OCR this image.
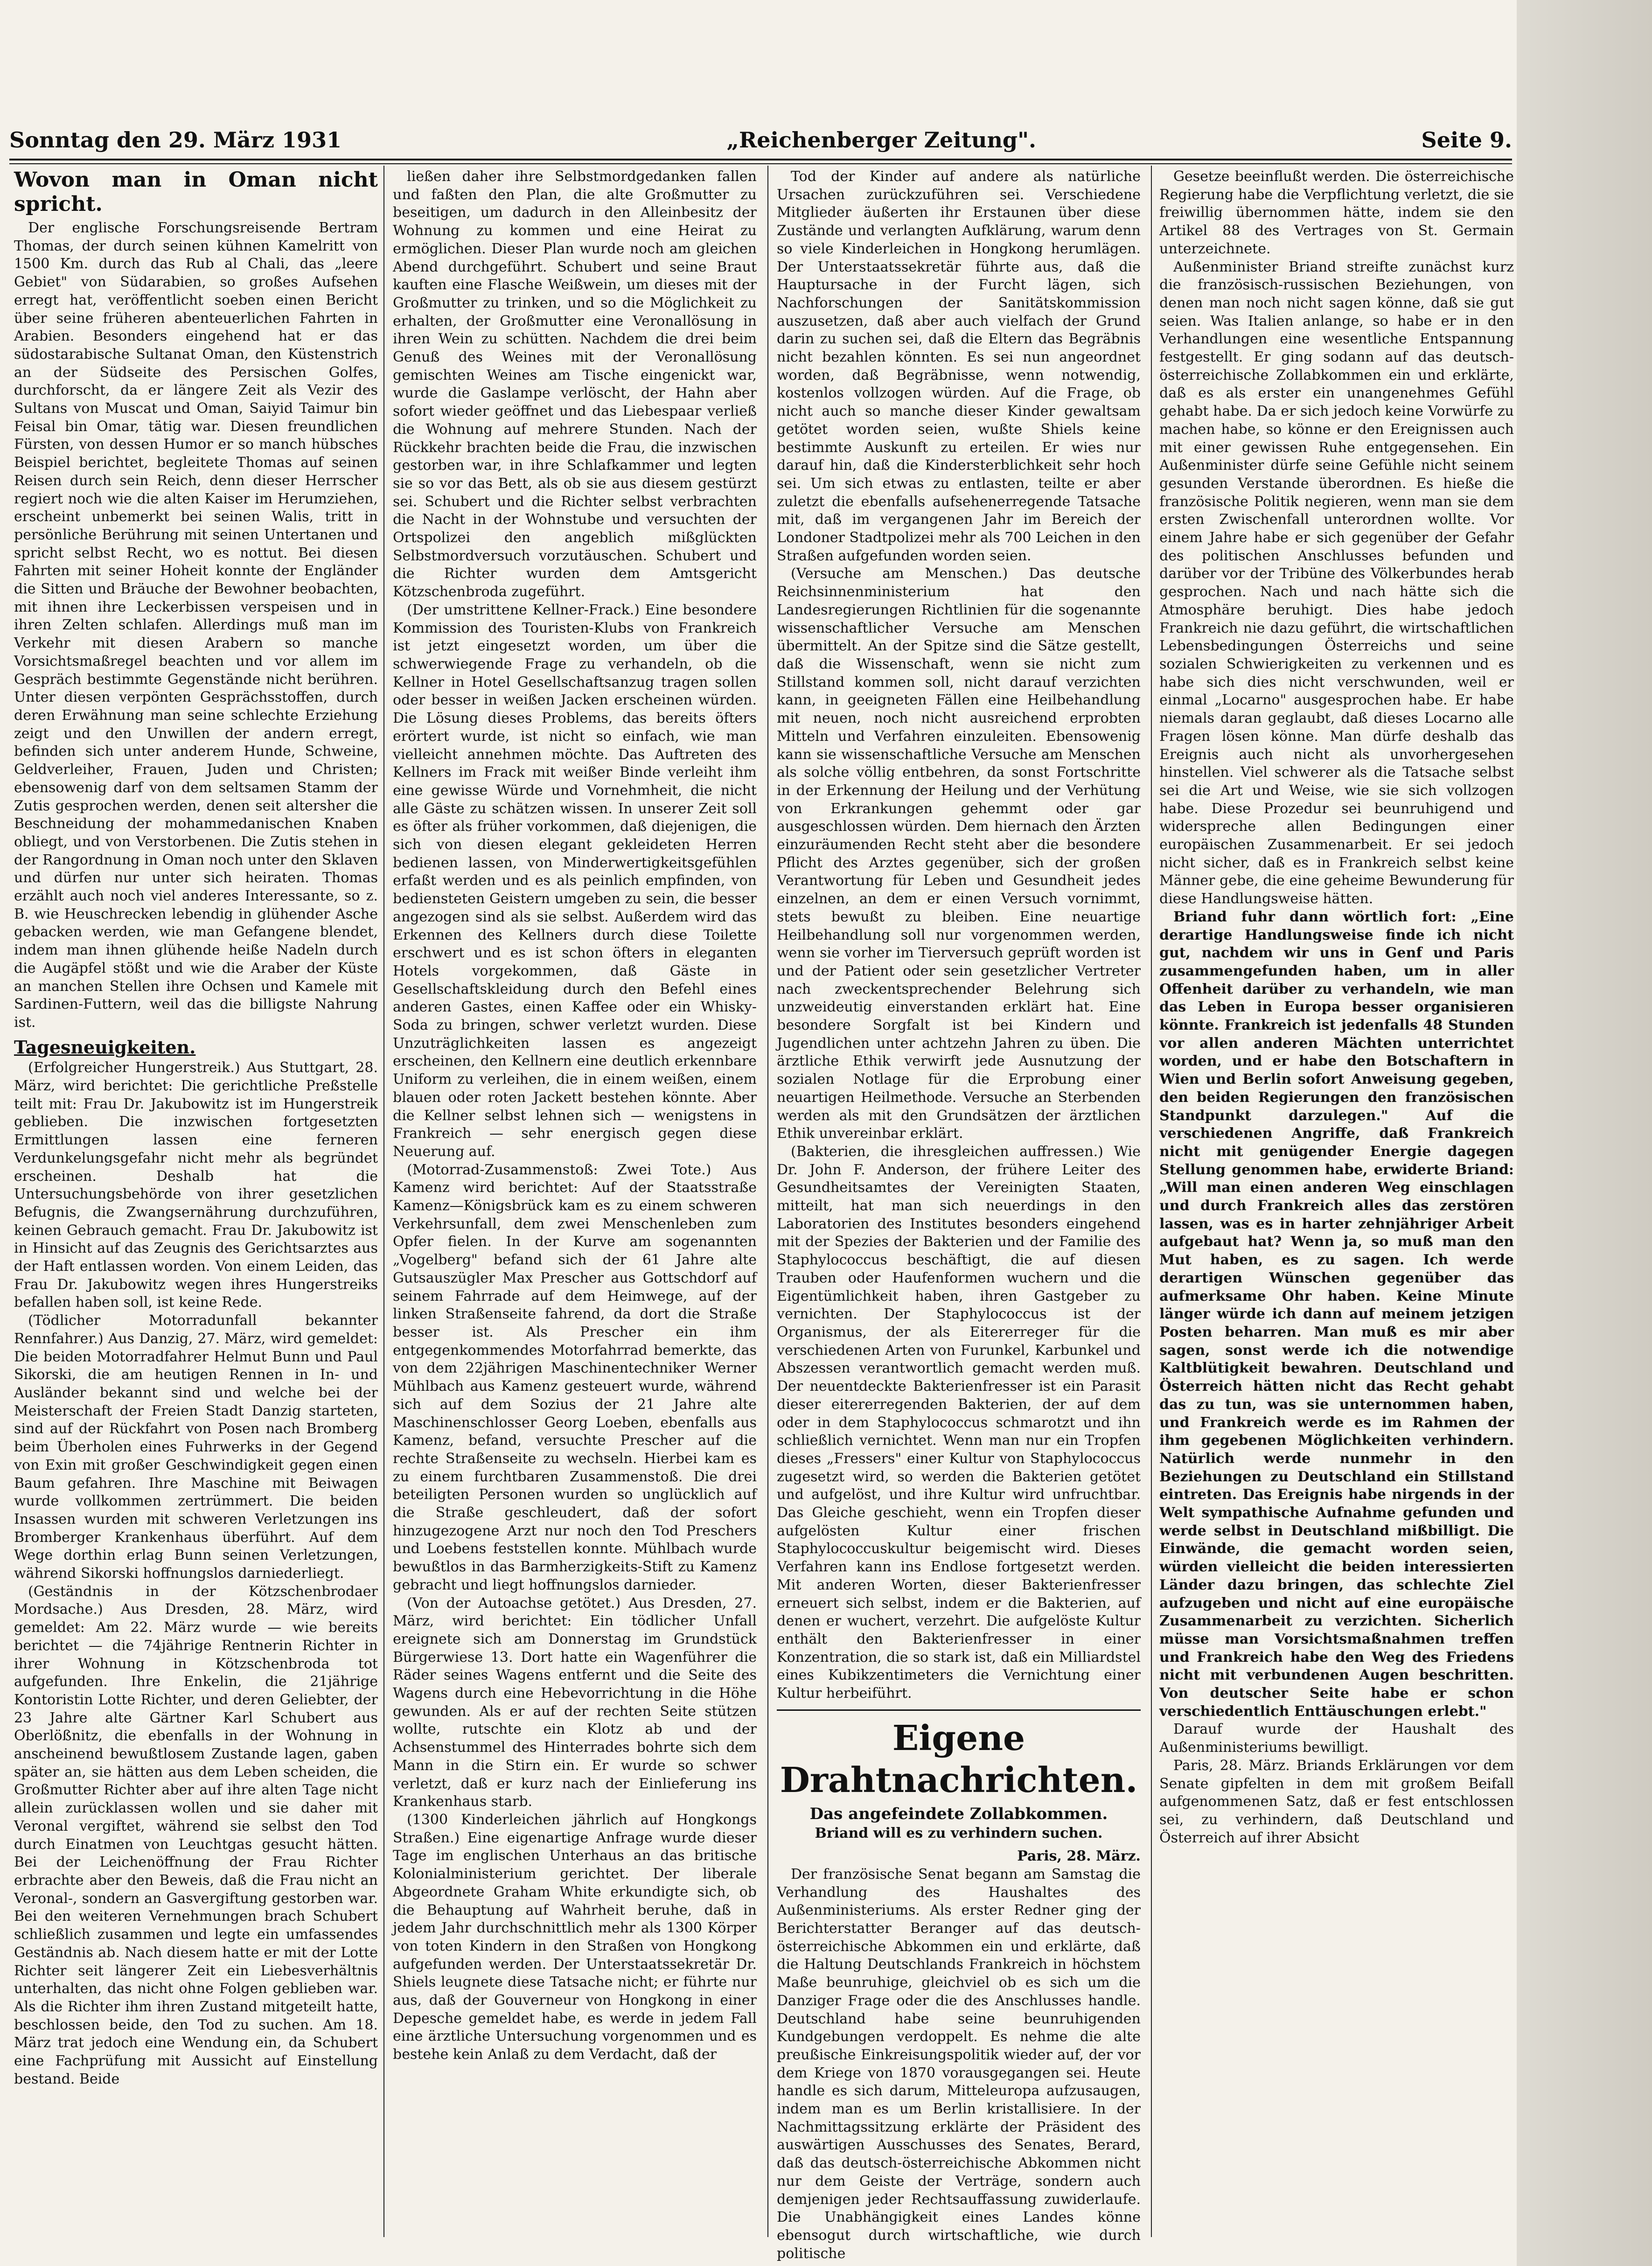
Sonntag den 29. März 1931	„Reichenberger Zeitung".	Seite 9.
Wovon man in Oman nicht spricht.

Der englische Forschungsreisende Bertram Thomas, der durch seinen kühnen Kamelritt von 1500 Km. durch das Rub al Chali, das „leere Gebiet" von Südarabien, so großes Aufsehen erregt hat, veröffentlicht soeben einen Bericht über seine früheren abenteuerlichen Fahrten in Arabien. Besonders eingehend hat er das südostarabische Sultanat Oman, den Küstenstrich an der Südseite des Persischen Golfes, durchforscht, da er längere Zeit als Vezir des Sultans von Muscat und Oman, Saiyid Taimur bin Feisal bin Omar, tätig war. Diesen freundlichen Fürsten, von dessen Humor er so manch hübsches Beispiel berichtet, begleitete Thomas auf seinen Reisen durch sein Reich, denn dieser Herrscher regiert noch wie die alten Kaiser im Herumziehen, erscheint unbemerkt bei seinen Walis, tritt in persönliche Berührung mit seinen Untertanen und spricht selbst Recht, wo es nottut. Bei diesen Fahrten mit seiner Hoheit konnte der Engländer die Sitten und Bräuche der Bewohner beobachten, mit ihnen ihre Leckerbissen verspeisen und in ihren Zelten schlafen. Allerdings muß man im Verkehr mit diesen Arabern so manche Vorsichtsmaßregel beachten und vor allem im Gespräch bestimmte Gegenstände nicht berühren. Unter diesen verpönten Gesprächsstoffen, durch deren Erwähnung man seine schlechte Erziehung zeigt und den Unwillen der andern erregt, befinden sich unter anderem Hunde, Schweine, Geldverleiher, Frauen, Juden und Christen; ebensowenig darf von dem seltsamen Stamm der Zutis gesprochen werden, denen seit altersher die Beschneidung der mohammedanischen Knaben obliegt, und von Verstorbenen. Die Zutis stehen in der Rangordnung in Oman noch unter den Sklaven und dürfen nur unter sich heiraten. Thomas erzählt auch noch viel anderes Interessante, so z. B. wie Heuschrecken lebendig in glühender Asche gebacken werden, wie man Gefangene blendet, indem man ihnen glühende heiße Nadeln durch die Augäpfel stößt und wie die Araber der Küste an manchen Stellen ihre Ochsen und Kamele mit Sardinen-Futtern, weil das die billigste Nahrung ist.

Tagesneuigkeiten.

(Erfolgreicher Hungerstreik.) Aus Stuttgart, 28. März, wird berichtet: Die gerichtliche Preßstelle teilt mit: Frau Dr. Jakubowitz ist im Hungerstreik geblieben. Die inzwischen fortgesetzten Ermittlungen lassen eine ferneren Verdunkelungsgefahr nicht mehr als begründet erscheinen. Deshalb hat die Untersuchungsbehörde von ihrer gesetzlichen Befugnis, die Zwangsernährung durchzuführen, keinen Gebrauch gemacht. Frau Dr. Jakubowitz ist in Hinsicht auf das Zeugnis des Gerichtsarztes aus der Haft entlassen worden. Von einem Leiden, das Frau Dr. Jakubowitz wegen ihres Hungerstreiks befallen haben soll, ist keine Rede.

(Tödlicher Motorradunfall bekannter Rennfahrer.) Aus Danzig, 27. März, wird gemeldet: Die beiden Motorradfahrer Helmut Bunn und Paul Sikorski, die am heutigen Rennen in In- und Ausländer bekannt sind und welche bei der Meisterschaft der Freien Stadt Danzig starteten, sind auf der Rückfahrt von Posen nach Bromberg beim Überholen eines Fuhrwerks in der Gegend von Exin mit großer Geschwindigkeit gegen einen Baum gefahren. Ihre Maschine mit Beiwagen wurde vollkommen zertrümmert. Die beiden Insassen wurden mit schweren Verletzungen ins Bromberger Krankenhaus überführt. Auf dem Wege dorthin erlag Bunn seinen Verletzungen, während Sikorski hoffnungslos darniederliegt.

(Geständnis in der Kötzschenbrodaer Mordsache.) Aus Dresden, 28. März, wird gemeldet: Am 22. März wurde — wie bereits berichtet — die 74jährige Rentnerin Richter in ihrer Wohnung in Kötzschenbroda tot aufgefunden. Ihre Enkelin, die 21jährige Kontoristin Lotte Richter, und deren Geliebter, der 23 Jahre alte Gärtner Karl Schubert aus Oberlößnitz, die ebenfalls in der Wohnung in anscheinend bewußtlosem Zustande lagen, gaben später an, sie hätten aus dem Leben scheiden, die Großmutter Richter aber auf ihre alten Tage nicht allein zurücklassen wollen und sie daher mit Veronal vergiftet, während sie selbst den Tod durch Einatmen von Leuchtgas gesucht hätten. Bei der Leichenöffnung der Frau Richter erbrachte aber den Beweis, daß die Frau nicht an Veronal-, sondern an Gasvergiftung gestorben war. Bei den weiteren Vernehmungen brach Schubert schließlich zusammen und legte ein umfassendes Geständnis ab. Nach diesem hatte er mit der Lotte Richter seit längerer Zeit ein Liebesverhältnis unterhalten, das nicht ohne Folgen geblieben war. Als die Richter ihm ihren Zustand mitgeteilt hatte, beschlossen beide, den Tod zu suchen. Am 18. März trat jedoch eine Wendung ein, da Schubert eine Fachprüfung mit Aussicht auf Einstellung bestand. Beide

ließen daher ihre Selbstmordgedanken fallen und faßten den Plan, die alte Großmutter zu beseitigen, um dadurch in den Alleinbesitz der Wohnung zu kommen und eine Heirat zu ermöglichen. Dieser Plan wurde noch am gleichen Abend durchgeführt. Schubert und seine Braut kauften eine Flasche Weißwein, um dieses mit der Großmutter zu trinken, und so die Möglichkeit zu erhalten, der Großmutter eine Veronallösung in ihren Wein zu schütten. Nachdem die drei beim Genuß des Weines mit der Veronallösung gemischten Weines am Tische eingenickt war, wurde die Gaslampe verlöscht, der Hahn aber sofort wieder geöffnet und das Liebespaar verließ die Wohnung auf mehrere Stunden. Nach der Rückkehr brachten beide die Frau, die inzwischen gestorben war, in ihre Schlafkammer und legten sie so vor das Bett, als ob sie aus diesem gestürzt sei. Schubert und die Richter selbst verbrachten die Nacht in der Wohnstube und versuchten der Ortspolizei den angeblich mißglückten Selbstmordversuch vorzutäuschen. Schubert und die Richter wurden dem Amtsgericht Kötzschenbroda zugeführt.

(Der umstrittene Kellner-Frack.) Eine besondere Kommission des Touristen-Klubs von Frankreich ist jetzt eingesetzt worden, um über die schwerwiegende Frage zu verhandeln, ob die Kellner in Hotel Gesellschaftsanzug tragen sollen oder besser in weißen Jacken erscheinen würden. Die Lösung dieses Problems, das bereits öfters erörtert wurde, ist nicht so einfach, wie man vielleicht annehmen möchte. Das Auftreten des Kellners im Frack mit weißer Binde verleiht ihm eine gewisse Würde und Vornehmheit, die nicht alle Gäste zu schätzen wissen. In unserer Zeit soll es öfter als früher vorkommen, daß diejenigen, die sich von diesen elegant gekleideten Herren bedienen lassen, von Minderwertigkeitsgefühlen erfaßt werden und es als peinlich empfinden, von bediensteten Geistern umgeben zu sein, die besser angezogen sind als sie selbst. Außerdem wird das Erkennen des Kellners durch diese Toilette erschwert und es ist schon öfters in eleganten Hotels vorgekommen, daß Gäste in Gesellschaftskleidung durch den Befehl eines anderen Gastes, einen Kaffee oder ein Whisky-Soda zu bringen, schwer verletzt wurden. Diese Unzuträglichkeiten lassen es angezeigt erscheinen, den Kellnern eine deutlich erkennbare Uniform zu verleihen, die in einem weißen, einem blauen oder roten Jackett bestehen könnte. Aber die Kellner selbst lehnen sich — wenigstens in Frankreich — sehr energisch gegen diese Neuerung auf.

(Motorrad-Zusammenstoß: Zwei Tote.) Aus Kamenz wird berichtet: Auf der Staatsstraße Kamenz—Königsbrück kam es zu einem schweren Verkehrsunfall, dem zwei Menschenleben zum Opfer fielen. In der Kurve am sogenannten „Vogelberg" befand sich der 61 Jahre alte Gutsauszügler Max Prescher aus Gottschdorf auf seinem Fahrrade auf dem Heimwege, auf der linken Straßenseite fahrend, da dort die Straße besser ist. Als Prescher ein ihm entgegenkommendes Motorfahrrad bemerkte, das von dem 22jährigen Maschinentechniker Werner Mühlbach aus Kamenz gesteuert wurde, während sich auf dem Sozius der 21 Jahre alte Maschinenschlosser Georg Loeben, ebenfalls aus Kamenz, befand, versuchte Prescher auf die rechte Straßenseite zu wechseln. Hierbei kam es zu einem furchtbaren Zusammenstoß. Die drei beteiligten Personen wurden so unglücklich auf die Straße geschleudert, daß der sofort hinzugezogene Arzt nur noch den Tod Preschers und Loebens feststellen konnte. Mühlbach wurde bewußtlos in das Barmherzigkeits-Stift zu Kamenz gebracht und liegt hoffnungslos darnieder.

(Von der Autoachse getötet.) Aus Dresden, 27. März, wird berichtet: Ein tödlicher Unfall ereignete sich am Donnerstag im Grundstück Bürgerwiese 13. Dort hatte ein Wagenführer die Räder seines Wagens entfernt und die Seite des Wagens durch eine Hebevorrichtung in die Höhe gewunden. Als er auf der rechten Seite stützen wollte, rutschte ein Klotz ab und der Achsenstummel des Hinterrades bohrte sich dem Mann in die Stirn ein. Er wurde so schwer verletzt, daß er kurz nach der Einlieferung ins Krankenhaus starb.

(1300 Kinderleichen jährlich auf Hongkongs Straßen.) Eine eigenartige Anfrage wurde dieser Tage im englischen Unterhaus an das britische Kolonialministerium gerichtet. Der liberale Abgeordnete Graham White erkundigte sich, ob die Behauptung auf Wahrheit beruhe, daß in jedem Jahr durchschnittlich mehr als 1300 Körper von toten Kindern in den Straßen von Hongkong aufgefunden werden. Der Unterstaatssekretär Dr. Shiels leugnete diese Tatsache nicht; er führte nur aus, daß der Gouverneur von Hongkong in einer Depesche gemeldet habe, es werde in jedem Fall eine ärztliche Untersuchung vorgenommen und es bestehe kein Anlaß zu dem Verdacht, daß der

Tod der Kinder auf andere als natürliche Ursachen zurückzuführen sei. Verschiedene Mitglieder äußerten ihr Erstaunen über diese Zustände und verlangten Aufklärung, warum denn so viele Kinderleichen in Hongkong herumlägen. Der Unterstaatssekretär führte aus, daß die Hauptursache in der Furcht lägen, sich Nachforschungen der Sanitätskommission auszusetzen, daß aber auch vielfach der Grund darin zu suchen sei, daß die Eltern das Begräbnis nicht bezahlen könnten. Es sei nun angeordnet worden, daß Begräbnisse, wenn notwendig, kostenlos vollzogen würden. Auf die Frage, ob nicht auch so manche dieser Kinder gewaltsam getötet worden seien, wußte Shiels keine bestimmte Auskunft zu erteilen. Er wies nur darauf hin, daß die Kindersterblichkeit sehr hoch sei. Um sich etwas zu entlasten, teilte er aber zuletzt die ebenfalls aufsehenerregende Tatsache mit, daß im vergangenen Jahr im Bereich der Londoner Stadtpolizei mehr als 700 Leichen in den Straßen aufgefunden worden seien.

(Versuche am Menschen.) Das deutsche Reichsinnenministerium hat den Landesregierungen Richtlinien für die sogenannte wissenschaftlicher Versuche am Menschen übermittelt. An der Spitze sind die Sätze gestellt, daß die Wissenschaft, wenn sie nicht zum Stillstand kommen soll, nicht darauf verzichten kann, in geeigneten Fällen eine Heilbehandlung mit neuen, noch nicht ausreichend erprobten Mitteln und Verfahren einzuleiten. Ebensowenig kann sie wissenschaftliche Versuche am Menschen als solche völlig entbehren, da sonst Fortschritte in der Erkennung der Heilung und der Verhütung von Erkrankungen gehemmt oder gar ausgeschlossen würden. Dem hiernach den Ärzten einzuräumenden Recht steht aber die besondere Pflicht des Arztes gegenüber, sich der großen Verantwortung für Leben und Gesundheit jedes einzelnen, an dem er einen Versuch vornimmt, stets bewußt zu bleiben. Eine neuartige Heilbehandlung soll nur vorgenommen werden, wenn sie vorher im Tierversuch geprüft worden ist und der Patient oder sein gesetzlicher Vertreter nach zweckentsprechender Belehrung sich unzweideutig einverstanden erklärt hat. Eine besondere Sorgfalt ist bei Kindern und Jugendlichen unter achtzehn Jahren zu üben. Die ärztliche Ethik verwirft jede Ausnutzung der sozialen Notlage für die Erprobung einer neuartigen Heilmethode. Versuche an Sterbenden werden als mit den Grundsätzen der ärztlichen Ethik unvereinbar erklärt.

(Bakterien, die ihresgleichen auffressen.) Wie Dr. John F. Anderson, der frühere Leiter des Gesundheitsamtes der Vereinigten Staaten, mitteilt, hat man sich neuerdings in den Laboratorien des Institutes besonders eingehend mit der Spezies der Bakterien und der Familie des Staphylococcus beschäftigt, die auf diesen Trauben oder Haufenformen wuchern und die Eigentümlichkeit haben, ihren Gastgeber zu vernichten. Der Staphylococcus ist der Organismus, der als Eitererreger für die verschiedenen Arten von Furunkel, Karbunkel und Abszessen verantwortlich gemacht werden muß. Der neuentdeckte Bakterienfresser ist ein Parasit dieser eitererregenden Bakterien, der auf dem oder in dem Staphylococcus schmarotzt und ihn schließlich vernichtet. Wenn man nur ein Tropfen dieses „Fressers" einer Kultur von Staphylococcus zugesetzt wird, so werden die Bakterien getötet und aufgelöst, und ihre Kultur wird unfruchtbar. Das Gleiche geschieht, wenn ein Tropfen dieser aufgelösten Kultur einer frischen Staphylococcuskultur beigemischt wird. Dieses Verfahren kann ins Endlose fortgesetzt werden. Mit anderen Worten, dieser Bakterienfresser erneuert sich selbst, indem er die Bakterien, auf denen er wuchert, verzehrt. Die aufgelöste Kultur enthält den Bakterienfresser in einer Konzentration, die so stark ist, daß ein Milliardstel eines Kubikzentimeters die Vernichtung einer Kultur herbeiführt.

Eigene Drahtnachrichten.
Das angefeindete Zollabkommen.
Briand will es zu verhindern suchen.
Paris, 28. März.

Der französische Senat begann am Samstag die Verhandlung des Haushaltes des Außenministeriums. Als erster Redner ging der Berichterstatter Beranger auf das deutsch-österreichische Abkommen ein und erklärte, daß die Haltung Deutschlands Frankreich in höchstem Maße beunruhige, gleichviel ob es sich um die Danziger Frage oder die des Anschlusses handle. Deutschland habe seine beunruhigenden Kundgebungen verdoppelt. Es nehme die alte preußische Einkreisungspolitik wieder auf, der vor dem Kriege von 1870 vorausgegangen sei. Heute handle es sich darum, Mitteleuropa aufzusaugen, indem man es um Berlin kristallisiere. In der Nachmittagssitzung erklärte der Präsident des auswärtigen Ausschusses des Senates, Berard, daß das deutsch-österreichische Abkommen nicht nur dem Geiste der Verträge, sondern auch demjenigen jeder Rechtsauffassung zuwiderlaufe. Die Unabhängigkeit eines Landes könne ebensogut durch wirtschaftliche, wie durch politische

Gesetze beeinflußt werden. Die österreichische Regierung habe die Verpflichtung verletzt, die sie freiwillig übernommen hätte, indem sie den Artikel 88 des Vertrages von St. Germain unterzeichnete.

Außenminister Briand streifte zunächst kurz die französisch-russischen Beziehungen, von denen man noch nicht sagen könne, daß sie gut seien. Was Italien anlange, so habe er in den Verhandlungen eine wesentliche Entspannung festgestellt. Er ging sodann auf das deutsch-österreichische Zollabkommen ein und erklärte, daß es als erster ein unangenehmes Gefühl gehabt habe. Da er sich jedoch keine Vorwürfe zu machen habe, so könne er den Ereignissen auch mit einer gewissen Ruhe entgegensehen. Ein Außenminister dürfe seine Gefühle nicht seinem gesunden Verstande überordnen. Es hieße die französische Politik negieren, wenn man sie dem ersten Zwischenfall unterordnen wollte. Vor einem Jahre habe er sich gegenüber der Gefahr des politischen Anschlusses befunden und darüber vor der Tribüne des Völkerbundes herab gesprochen. Nach und nach hätte sich die Atmosphäre beruhigt. Dies habe jedoch Frankreich nie dazu geführt, die wirtschaftlichen Lebensbedingungen Österreichs und seine sozialen Schwierigkeiten zu verkennen und es habe sich dies nicht verschwunden, weil er einmal „Locarno" ausgesprochen habe. Er habe niemals daran geglaubt, daß dieses Locarno alle Fragen lösen könne. Man dürfe deshalb das Ereignis auch nicht als unvorhergesehen hinstellen. Viel schwerer als die Tatsache selbst sei die Art und Weise, wie sie sich vollzogen habe. Diese Prozedur sei beunruhigend und widerspreche allen Bedingungen einer europäischen Zusammenarbeit. Er sei jedoch nicht sicher, daß es in Frankreich selbst keine Männer gebe, die eine geheime Bewunderung für diese Handlungsweise hätten.

Briand fuhr dann wörtlich fort: „Eine derartige Handlungsweise finde ich nicht gut, nachdem wir uns in Genf und Paris zusammengefunden haben, um in aller Offenheit darüber zu verhandeln, wie man das Leben in Europa besser organisieren könnte. Frankreich ist jedenfalls 48 Stunden vor allen anderen Mächten unterrichtet worden, und er habe den Botschaftern in Wien und Berlin sofort Anweisung gegeben, den beiden Regierungen den französischen Standpunkt darzulegen." Auf die verschiedenen Angriffe, daß Frankreich nicht mit genügender Energie dagegen Stellung genommen habe, erwiderte Briand: „Will man einen anderen Weg einschlagen und durch Frankreich alles das zerstören lassen, was es in harter zehnjähriger Arbeit aufgebaut hat? Wenn ja, so muß man den Mut haben, es zu sagen. Ich werde derartigen Wünschen gegenüber das aufmerksame Ohr haben. Keine Minute länger würde ich dann auf meinem jetzigen Posten beharren. Man muß es mir aber sagen, sonst werde ich die notwendige Kaltblütigkeit bewahren. Deutschland und Österreich hätten nicht das Recht gehabt das zu tun, was sie unternommen haben, und Frankreich werde es im Rahmen der ihm gegebenen Möglichkeiten verhindern. Natürlich werde nunmehr in den Beziehungen zu Deutschland ein Stillstand eintreten. Das Ereignis habe nirgends in der Welt sympathische Aufnahme gefunden und werde selbst in Deutschland mißbilligt. Die Einwände, die gemacht worden seien, würden vielleicht die beiden interessierten Länder dazu bringen, das schlechte Ziel aufzugeben und nicht auf eine europäische Zusammenarbeit zu verzichten. Sicherlich müsse man Vorsichtsmaßnahmen treffen und Frankreich habe den Weg des Friedens nicht mit verbundenen Augen beschritten. Von deutscher Seite habe er schon verschiedentlich Enttäuschungen erlebt."

Darauf wurde der Haushalt des Außenministeriums bewilligt.

Paris, 28. März. Briands Erklärungen vor dem Senate gipfelten in dem mit großem Beifall aufgenommenen Satz, daß er fest entschlossen sei, zu verhindern, daß Deutschland und Österreich auf ihrer Absicht
